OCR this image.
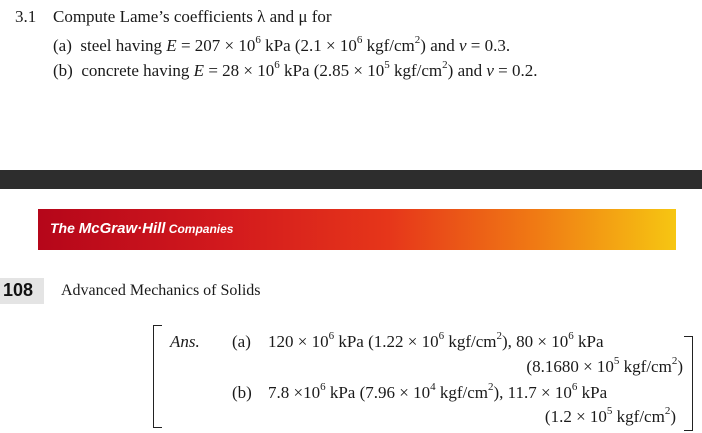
3.1 Compute Lame’s coefficients λ and μ for
(a) steel having $E = 207 \times 10^6$ kPa ($2.1 \times 10^6$ kgf/$cm^2$) and ν = 0.3.
(b) concrete having $E = 28 \times 10^6$ kPa ($2.85 \times 10^5$ kgf/$cm^2$) and ν = 0.2.
The McGraw·Hill Companies
108 Advanced Mechanics of Solids
Ans. (a) $120 \times 10^6$ kPa ($1.22 \times 10^6$ kgf/$cm^2$), $80 \times 10^6$ kPa
($8.1680 \times 10^5$ kgf/$cm^2$)
(b) $7.8 \times 10^6$ kPa ($7.96 \times 10^4$ kgf/$cm^2$), $11.7 \times 10^6$ kPa
($1.2 \times 10^5$ kgf/$cm^2$)
